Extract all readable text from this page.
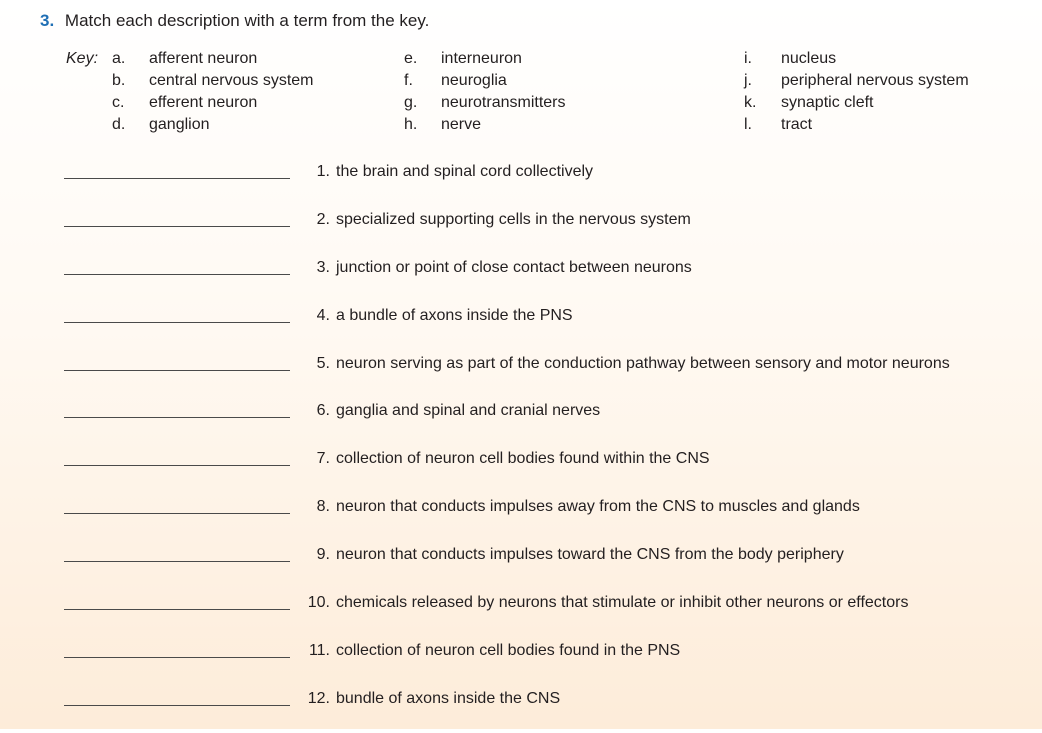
3. Match each description with a term from the key.
Key: a. afferent neuron
b. central nervous system
c. efferent neuron
d. ganglion
e. interneuron
f. neuroglia
g. neurotransmitters
h. nerve
i. nucleus
j. peripheral nervous system
k. synaptic cleft
l. tract
1. the brain and spinal cord collectively
2. specialized supporting cells in the nervous system
3. junction or point of close contact between neurons
4. a bundle of axons inside the PNS
5. neuron serving as part of the conduction pathway between sensory and motor neurons
6. ganglia and spinal and cranial nerves
7. collection of neuron cell bodies found within the CNS
8. neuron that conducts impulses away from the CNS to muscles and glands
9. neuron that conducts impulses toward the CNS from the body periphery
10. chemicals released by neurons that stimulate or inhibit other neurons or effectors
11. collection of neuron cell bodies found in the PNS
12. bundle of axons inside the CNS
